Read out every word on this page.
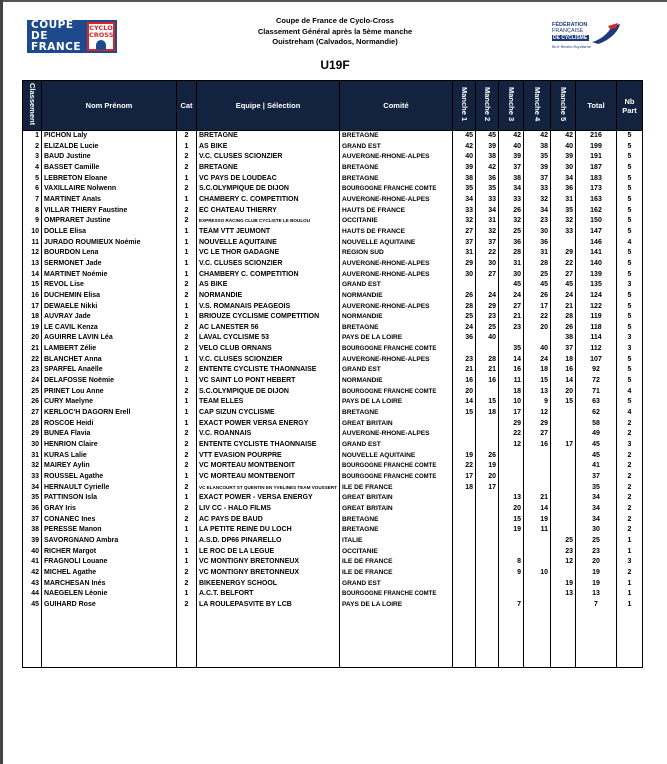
COUPE DE
FRANCE
CYCLO
CROSS
Coupe de France de Cyclo-Cross
Classement Général après la 5ème manche
Ouistreham (Calvados, Normandie)
U19F
FÉDÉRATION
FRANÇAISE
DE CYCLISME
ffc.fr ffcvelo ffcyclisme
Classement	Nom Prénom	Cat	Equipe | Sélection	Comité	Manche 1	Manche 2	Manche 3	Manche 4	Manche 5	Total	Nb Part
1	PICHON Laly	2	BRETAGNE	BRETAGNE	45	45	42	42	42	216	5
2	ELIZALDE Lucie	1	AS BIKE	GRAND EST	42	39	40	38	40	199	5
3	BAUD Justine	2	V.C. CLUSES SCIONZIER	AUVERGNE-RHONE-ALPES	40	38	39	35	39	191	5
4	BASSET Camille	2	BRETAGNE	BRETAGNE	39	42	37	39	30	187	5
5	LEBRETON Eloane	1	VC PAYS DE LOUDEAC	BRETAGNE	38	36	38	37	34	183	5
6	VAXILLAIRE Nolwenn	2	S.C.OLYMPIQUE DE DIJON	BOURGOGNE FRANCHE COMTE	35	35	34	33	36	173	5
7	MARTINET Anaïs	1	CHAMBERY C. COMPETITION	AUVERGNE-RHONE-ALPES	34	33	33	32	31	163	5
8	VILLAR THIERY Faustine	2	EC CHATEAU THIERRY	HAUTS DE FRANCE	33	34	26	34	35	162	5
9	OMPRARET Justine	2	EXPRESSO RACING CLUB CYCLISTE LE BOULOU	OCCITANIE	32	31	32	23	32	150	5
10	DOLLE Elisa	1	TEAM VTT JEUMONT	HAUTS DE FRANCE	27	32	25	30	33	147	5
11	JURADO ROUMIEUX Noémie	1	NOUVELLE AQUITAINE	NOUVELLE AQUITAINE	37	37	36	36		146	4
12	BOURDON Lena	1	VC LE THOR GADAGNE	REGION SUD	31	22	28	31	29	141	5
13	SERMONET Jade	1	V.C. CLUSES SCIONZIER	AUVERGNE-RHONE-ALPES	29	30	31	28	22	140	5
14	MARTINET Noémie	1	CHAMBERY C. COMPETITION	AUVERGNE-RHONE-ALPES	30	27	30	25	27	139	5
15	REVOL Lise	2	AS BIKE	GRAND EST			45	45	45	135	3
16	DUCHEMIN Elisa	2	NORMANDIE	NORMANDIE	26	24	24	26	24	124	5
17	DEWAELE Nikki	1	V.S. ROMANAIS PEAGEOIS	AUVERGNE-RHONE-ALPES	28	29	27	17	21	122	5
18	AUVRAY Jade	1	BRIOUZE CYCLISME COMPETITION	NORMANDIE	25	23	21	22	28	119	5
19	LE CAVIL Kenza	2	AC LANESTER 56	BRETAGNE	24	25	23	20	26	118	5
20	AGUIRRE LAVIN Léa	2	LAVAL CYCLISME 53	PAYS DE LA LOIRE	36	40			38	114	3
21	LAMBERT Zélie	2	VELO CLUB ORNANS	BOURGOGNE FRANCHE COMTE			35	40	37	112	3
22	BLANCHET Anna	1	V.C. CLUSES SCIONZIER	AUVERGNE-RHONE-ALPES	23	28	14	24	18	107	5
23	SPARFEL Anaëlle	2	ENTENTE CYCLISTE THAONNAISE	GRAND EST	21	21	16	18	16	92	5
24	DELAFOSSE Noëmie	1	VC SAINT LO PONT HEBERT	NORMANDIE	16	16	11	15	14	72	5
25	PRINET Lou Anne	2	S.C.OLYMPIQUE DE DIJON	BOURGOGNE FRANCHE COMTE	20		18	13	20	71	4
26	CURY Maelyne	1	TEAM ELLES	PAYS DE LA LOIRE	14	15	10	9	15	63	5
27	KERLOC'H DAGORN Erell	1	CAP SIZUN CYCLISME	BRETAGNE	15	18	17	12		62	4
28	ROSCOE Heidi	1	EXACT POWER VERSA ENERGY	GREAT BRITAIN			29	29		58	2
29	BUNEA Flavia	2	V.C. ROANNAIS	AUVERGNE-RHONE-ALPES			22	27		49	2
30	HENRION Claire	2	ENTENTE CYCLISTE THAONNAISE	GRAND EST			12	16	17	45	3
31	KURAS Lalie	2	VTT EVASION POURPRE	NOUVELLE AQUITAINE	19	26				45	2
32	MAIREY Aylin	2	VC MORTEAU MONTBENOIT	BOURGOGNE FRANCHE COMTE	22	19				41	2
33	ROUSSEL Agathe	1	VC MORTEAU MONTBENOIT	BOURGOGNE FRANCHE COMTE	17	20				37	2
34	HERNAULT Cyrielle	2	VC ELANCOURT ST QUENTIN EN YVELINES TEAM VOUSSERT	ILE DE FRANCE	18	17				35	2
35	PATTINSON Isla	1	EXACT POWER - VERSA ENERGY	GREAT BRITAIN			13	21		34	2
36	GRAY Iris	2	LIV CC - HALO FILMS	GREAT BRITAIN			20	14		34	2
37	CONANEC Ines	2	AC PAYS DE BAUD	BRETAGNE			15	19		34	2
38	PERESSE Manon	1	LA PETITE REINE DU LOCH	BRETAGNE			19	11		30	2
39	SAVORGNANO Ambra	1	A.S.D. DP66 PINARELLO	ITALIE					25	25	1
40	RICHER Margot	1	LE ROC DE LA LEGUE	OCCITANIE					23	23	1
41	FRAGNOLI Louane	1	VC MONTIGNY BRETONNEUX	ILE DE FRANCE			8		12	20	3
42	MICHEL Agathe	2	VC MONTIGNY BRETONNEUX	ILE DE FRANCE			9	10		19	2
43	MARCHESAN Inés	2	BIKEENERGY SCHOOL	GRAND EST					19	19	1
44	NAEGELEN Léonie	1	A.C.T. BELFORT	BOURGOGNE FRANCHE COMTE					13	13	1
45	GUIHARD Rose	2	LA ROULEPASVITE BY LCB	PAYS DE LA LOIRE			7			7	1
